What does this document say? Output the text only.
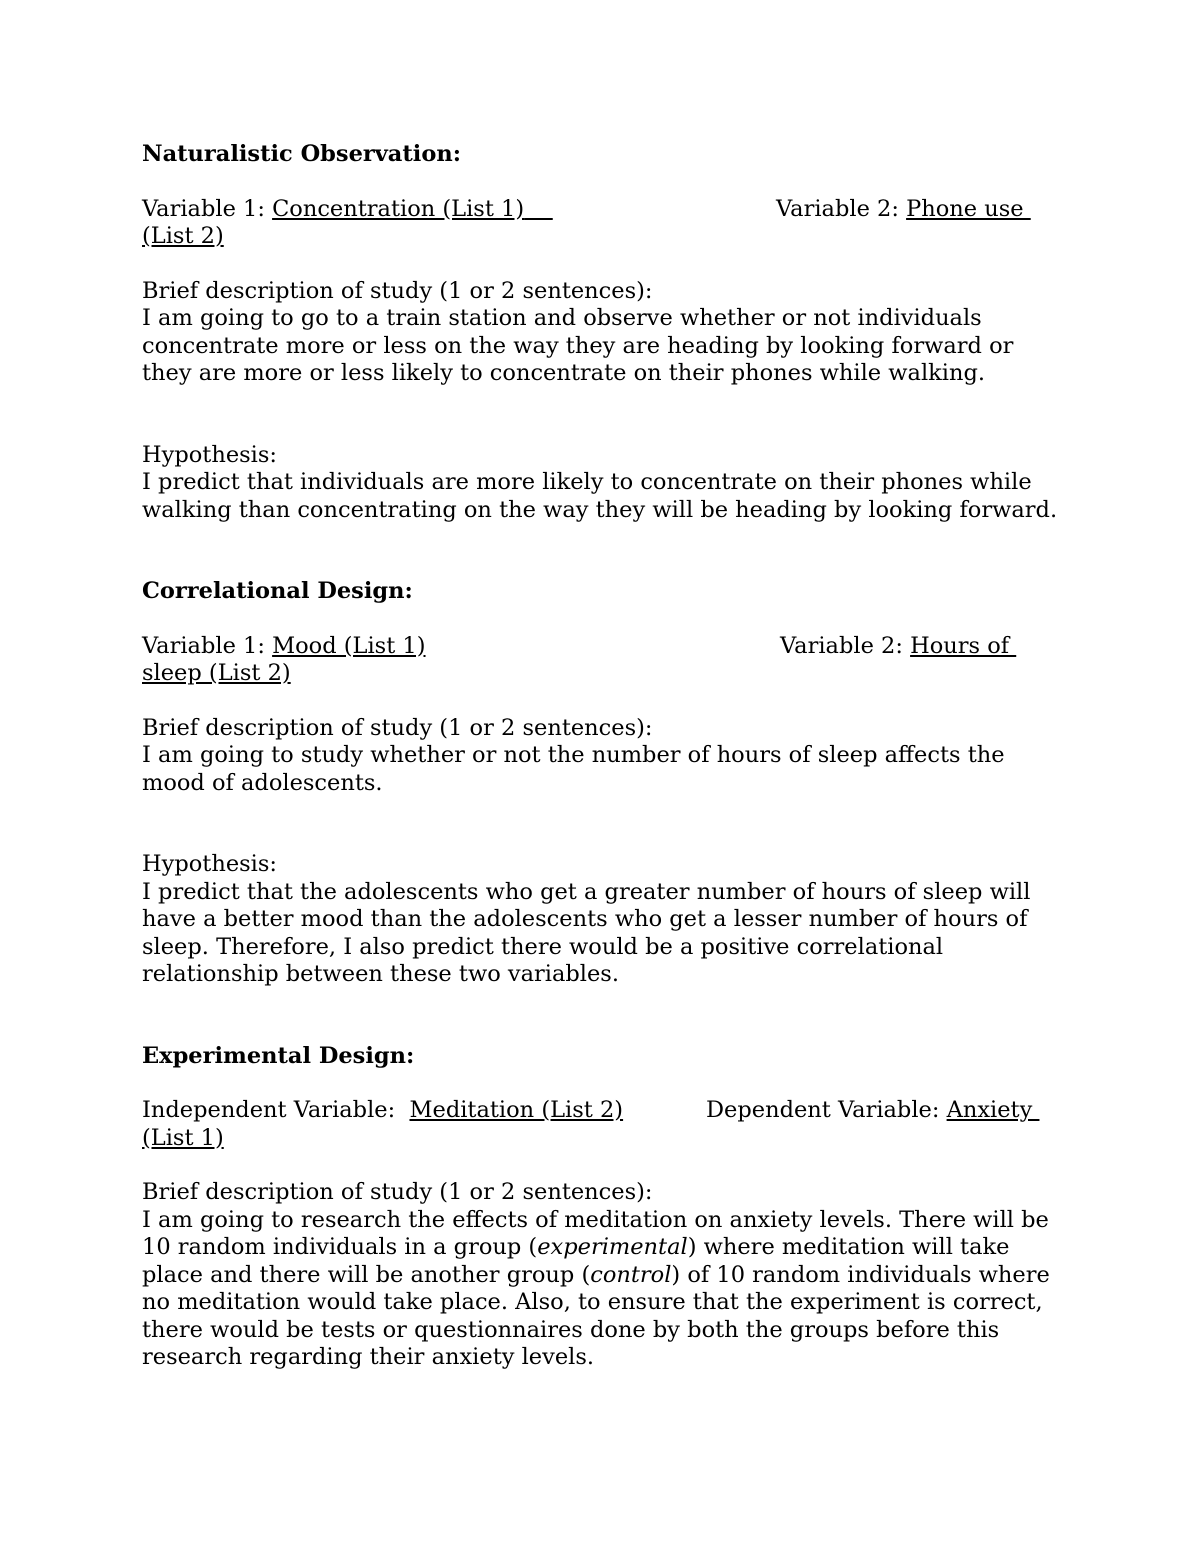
Naturalistic Observation:

Variable 1: Concentration (List 1)	Variable 2: Phone use

(List 2)

Brief description of study (1 or 2 sentences):

I am going to go to a train station and observe whether or not individuals concentrate more or less on the way they are heading by looking forward or they are more or less likely to concentrate on their phones while walking.

Hypothesis:

I predict that individuals are more likely to concentrate on their phones while walking than concentrating on the way they will be heading by looking forward.

Correlational Design:

Variable 1: Mood (List 1)	Variable 2: Hours of

sleep (List 2)

Brief description of study (1 or 2 sentences):

I am going to study whether or not the number of hours of sleep affects the mood of adolescents.

Hypothesis:

I predict that the adolescents who get a greater number of hours of sleep will have a better mood than the adolescents who get a lesser number of hours of sleep. Therefore, I also predict there would be a positive correlational relationship between these two variables.

Experimental Design:

Independent Variable:  Meditation (List 2)	Dependent Variable: Anxiety

(List 1)

Brief description of study (1 or 2 sentences):

I am going to research the effects of meditation on anxiety levels. There will be 10 random individuals in a group (experimental) where meditation will take place and there will be another group (control) of 10 random individuals where no meditation would take place. Also, to ensure that the experiment is correct, there would be tests or questionnaires done by both the groups before this research regarding their anxiety levels.
